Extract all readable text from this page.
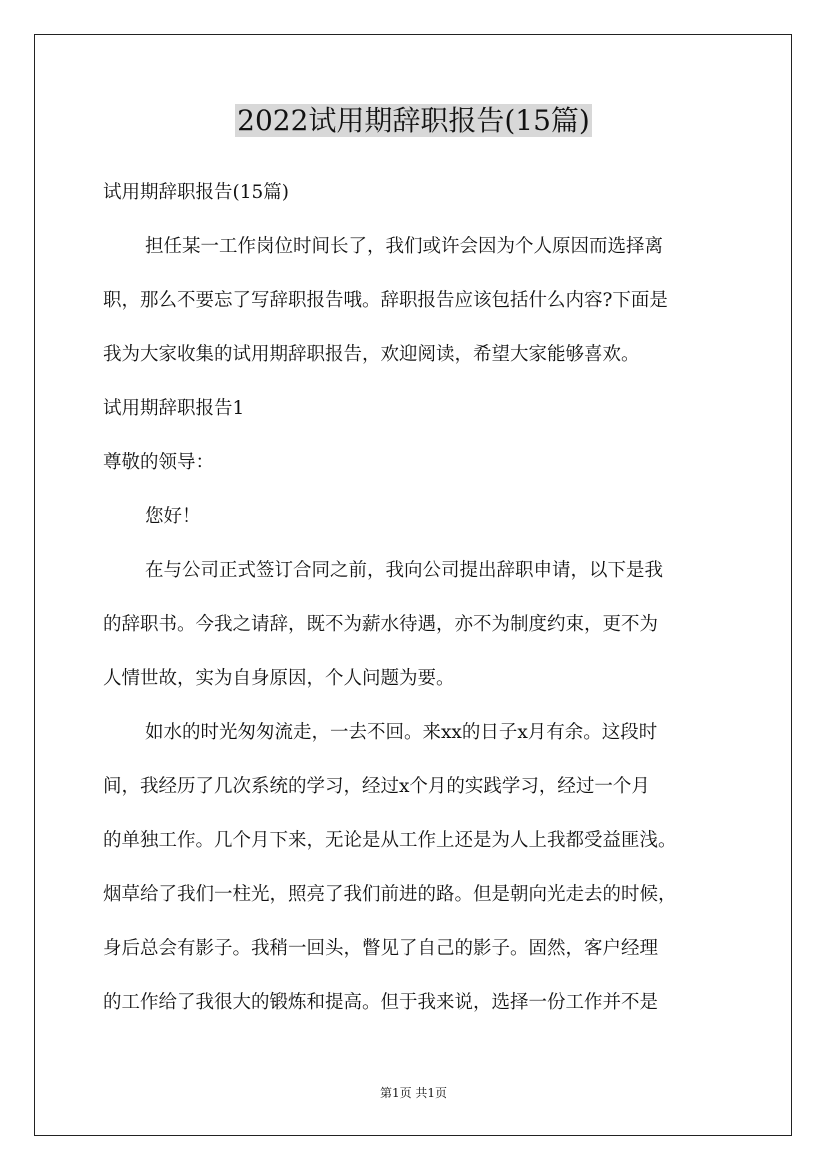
2022试用期辞职报告(15篇)
试用期辞职报告(15篇)
担任某一工作岗位时间长了，我们或许会因为个人原因而选择离
职，那么不要忘了写辞职报告哦。辞职报告应该包括什么内容?下面是
我为大家收集的试用期辞职报告，欢迎阅读，希望大家能够喜欢。
试用期辞职报告1
尊敬的领导：
您好！
在与公司正式签订合同之前，我向公司提出辞职申请，以下是我
的辞职书。今我之请辞，既不为薪水待遇，亦不为制度约束，更不为
人情世故，实为自身原因，个人问题为要。
如水的时光匆匆流走，一去不回。来xx的日子x月有余。这段时
间，我经历了几次系统的学习，经过x个月的实践学习，经过一个月
的单独工作。几个月下来，无论是从工作上还是为人上我都受益匪浅。
烟草给了我们一柱光，照亮了我们前进的路。但是朝向光走去的时候，
身后总会有影子。我稍一回头，瞥见了自己的影子。固然，客户经理
的工作给了我很大的锻炼和提高。但于我来说，选择一份工作并不是
第1页 共1页
